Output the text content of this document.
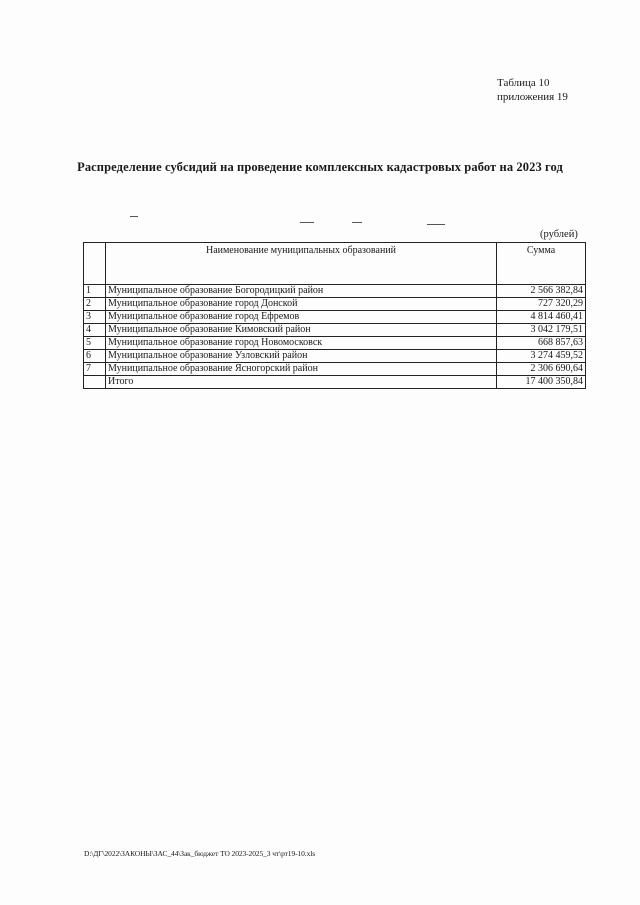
Таблица 10
приложения 19
Распределение субсидий на проведение комплексных кадастровых работ на 2023 год
(рублей)
	Наименование муниципальных образований	Сумма
1	Муниципальное образование Богородицкий район	2 566 382,84
2	Муниципальное образование город Донской	727 320,29
3	Муниципальное образование город Ефремов	4 814 460,41
4	Муниципальное образование Кимовский район	3 042 179,51
5	Муниципальное образование город Новомосковск	668 857,63
6	Муниципальное образование Узловский район	3 274 459,52
7	Муниципальное образование Ясногорский район	2 306 690,64
	Итого	17 400 350,84
D:\ДГ\2022\ЗАКОНЫ\ЗАС_44\Зак_бюджет ТО 2023-2025_3 чт\рт19-10.xls
